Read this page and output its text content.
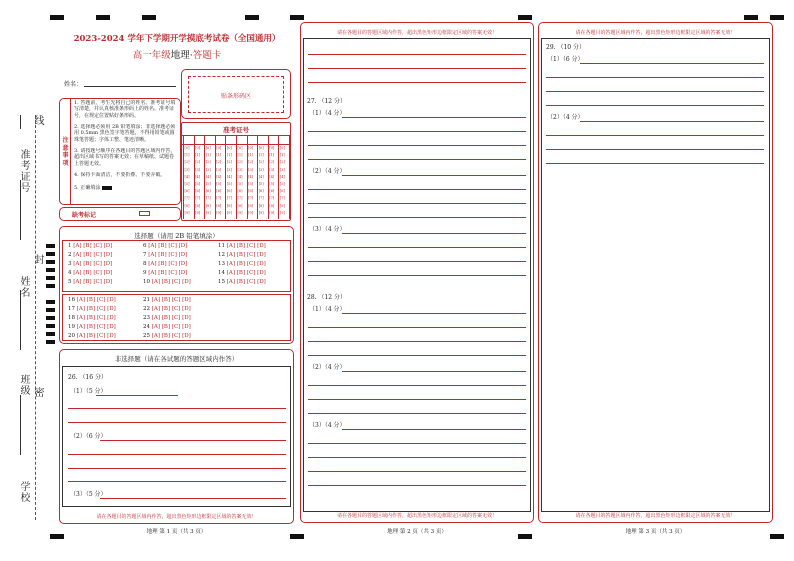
准考证号
线
姓名
封
班级 密
学校
2023-2024 学年下学期开学摸底考试卷（全国通用）
高一年级地理·答题卡
姓名：
贴条形码区
注
意
事
项
1. 答题前，考生先将自己的姓名、准考证号填写清楚，并认真核准条形码上的姓名、准考证号，在规定位置贴好条形码。
2. 选择题必须用 2B 铅笔填涂；非选择题必须用 0.5mm 黑色签字笔答题，不得用铅笔或圆珠笔答题；字体工整、笔迹清晰。
3. 请按题号顺序在各题目的答题区域内作答，超出区域书写的答案无效；在草稿纸、试题卷上答题无效。
4. 保持卡面清洁，不要折叠、不要弄破。
5. 正确填涂
缺考标记
准考证号
[0]
[1]
[2]
[3]
[4]
[5]
[6]
[7]
[8]
[9]
[0]
[1]
[2]
[3]
[4]
[5]
[6]
[7]
[8]
[9]
[0]
[1]
[2]
[3]
[4]
[5]
[6]
[7]
[8]
[9]
[0]
[1]
[2]
[3]
[4]
[5]
[6]
[7]
[8]
[9]
[0]
[1]
[2]
[3]
[4]
[5]
[6]
[7]
[8]
[9]
[0]
[1]
[2]
[3]
[4]
[5]
[6]
[7]
[8]
[9]
[0]
[1]
[2]
[3]
[4]
[5]
[6]
[7]
[8]
[9]
[0]
[1]
[2]
[3]
[4]
[5]
[6]
[7]
[8]
[9]
[0]
[1]
[2]
[3]
[4]
[5]
[6]
[7]
[8]
[9]
[0]
[1]
[2]
[3]
[4]
[5]
[6]
[7]
[8]
[9]
选择题（请用 2B 铅笔填涂）
1 [A] [B] [C] [D]
2 [A] [B] [C] [D]
3 [A] [B] [C] [D]
4 [A] [B] [C] [D]
5 [A] [B] [C] [D]
6 [A] [B] [C] [D]
7 [A] [B] [C] [D]
8 [A] [B] [C] [D]
9 [A] [B] [C] [D]
10 [A] [B] [C] [D]
11 [A] [B] [C] [D]
12 [A] [B] [C] [D]
13 [A] [B] [C] [D]
14 [A] [B] [C] [D]
15 [A] [B] [C] [D]
16 [A] [B] [C] [D]
17 [A] [B] [C] [D]
18 [A] [B] [C] [D]
19 [A] [B] [C] [D]
20 [A] [B] [C] [D]
21 [A] [B] [C] [D]
22 [A] [B] [C] [D]
23 [A] [B] [C] [D]
24 [A] [B] [C] [D]
25 [A] [B] [C] [D]
非选择题（请在各试题的答题区域内作答）
26. （16 分）
（1）（5 分）
（2）（6 分）
（3）（5 分）
请在各题目的答题区域内作答，超出黑色矩形边框限定区域的答案无效！
地理 第 1 页（共 3 页）
请在各题目的答题区域内作答，超出黑色矩形边框限定区域的答案无效！
27. （12 分）
（1）（4 分）
（2）（4 分）
（3）（4 分）
28. （12 分）
（1）（4 分）
（2）（4 分）
（3）（4 分）
请在各题目的答题区域内作答，超出黑色矩形边框限定区域的答案无效！
地理 第 2 页（共 3 页）
请在各题目的答题区域内作答，超出黑色矩形边框限定区域的答案无效！
29. （10 分）
（1）（6 分）
（2）（4 分）
请在各题目的答题区域内作答，超出黑色矩形边框限定区域的答案无效！
地理 第 3 页（共 3 页）
